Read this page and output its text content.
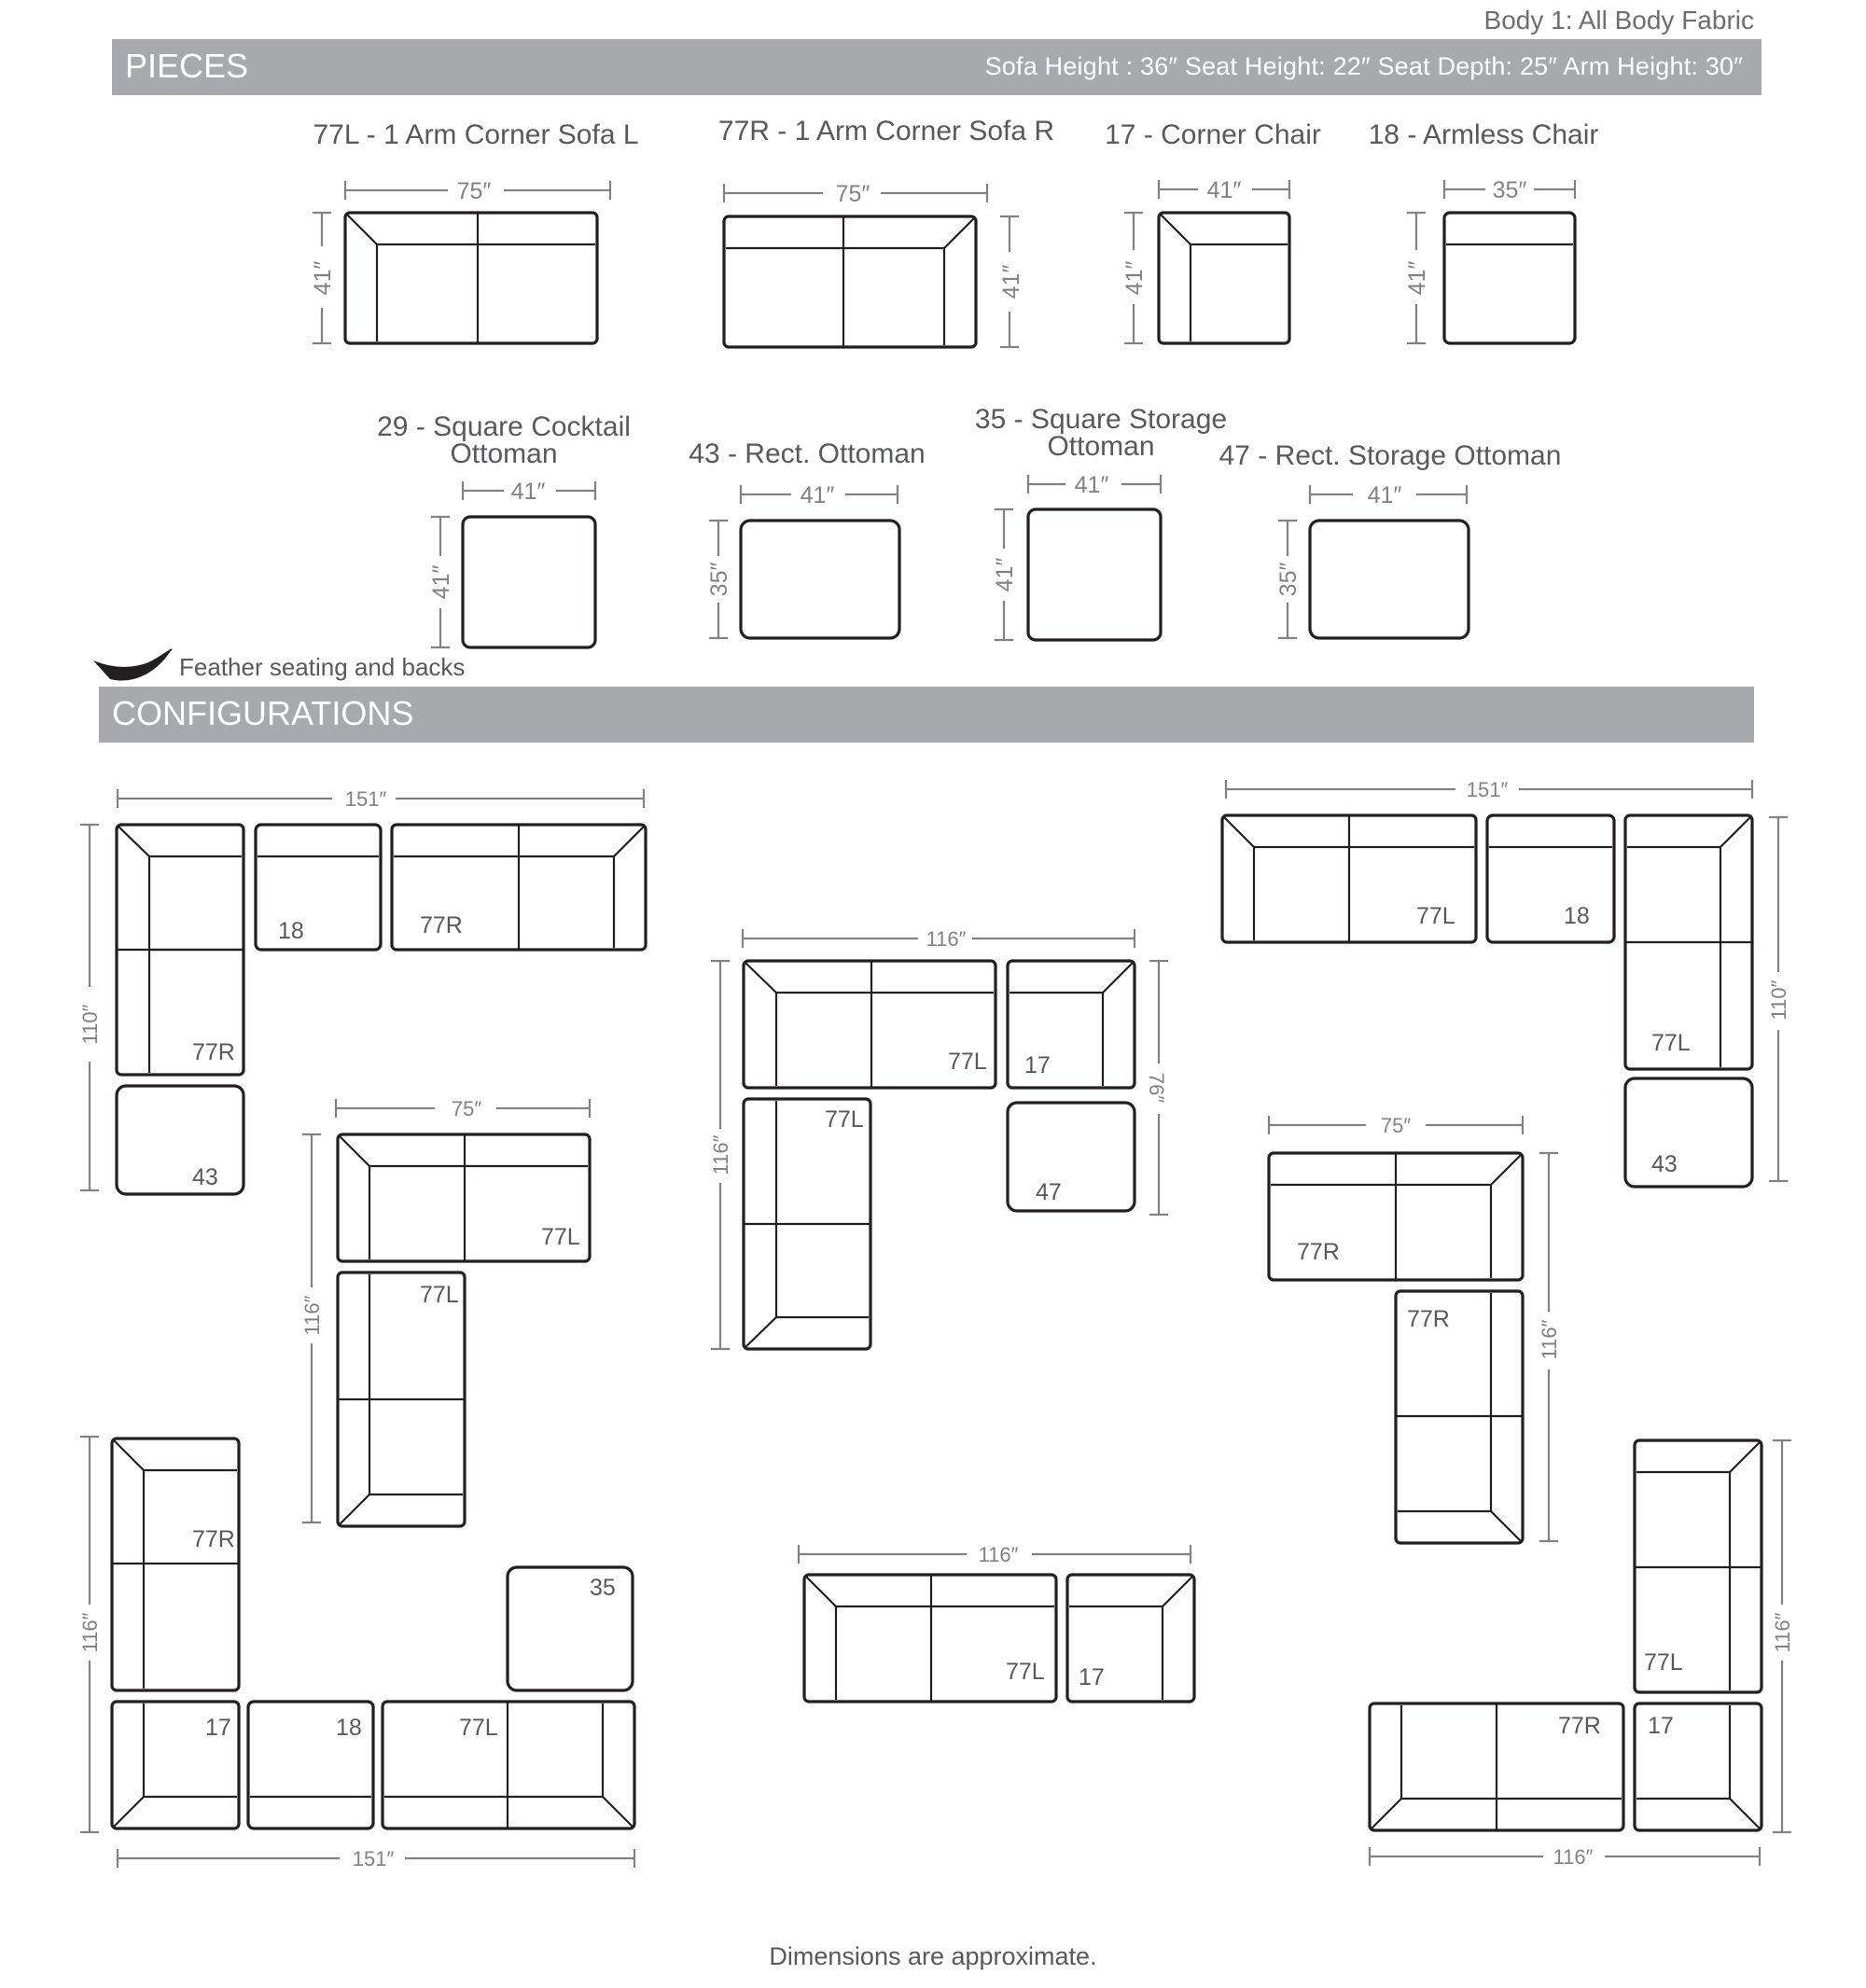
Body 1: All Body Fabric
PIECES	Sofa Height : 36″ Seat Height: 22″ Seat Depth: 25″ Arm Height: 30″
77L - 1 Arm Corner Sofa L	77R - 1 Arm Corner Sofa R	17 - Corner Chair	18 - Armless Chair
29 - Square Cocktail
Ottoman	43 - Rect. Ottoman
35 - Square Storage
Ottoman	47 - Rect. Storage Ottoman
75″
41″
75″
41″
41″
41″
35″
41″
41″
41″
41″
35″
41″
41″
41″
35″
151″
110″
18	77R
77R
43
116″
76″
116″
77L 17
77L
47
151″
110″
77L	18
77L
43
75″
116″
77L
77L
75″
116″
77R
77R
116″
151″
77R
35
17	18	77L
116″
77L 17
116″
116″
77L
77R 17
Feather seating and backs
CONFIGURATIONS
Dimensions are approximate.
